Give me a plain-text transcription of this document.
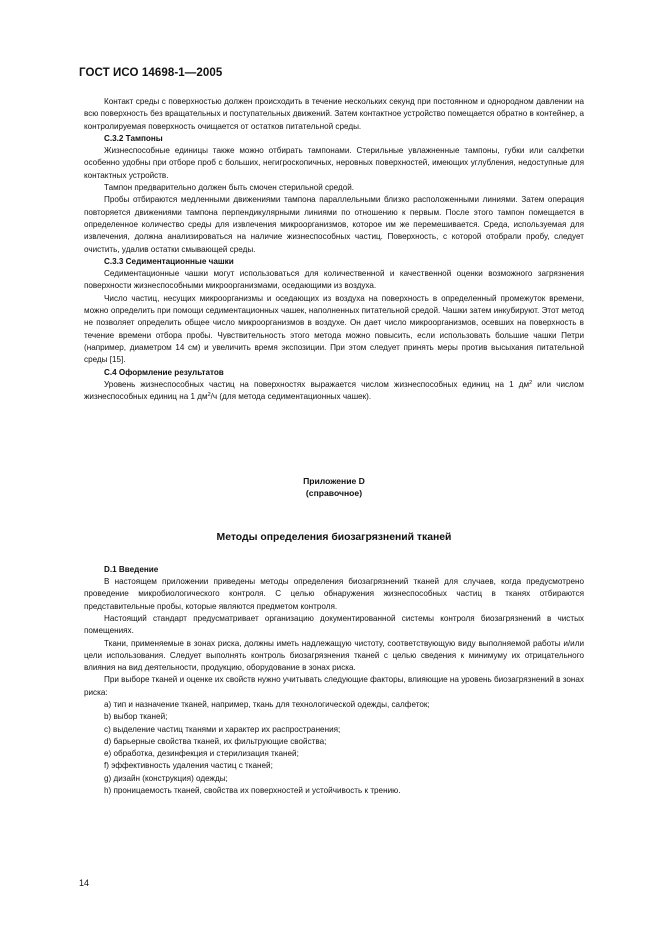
ГОСТ ИСО 14698-1—2005

Контакт среды с поверхностью должен происходить в течение нескольких секунд при постоянном и однородном давлении на всю поверхность без вращательных и поступательных движений. Затем контактное устройство помещается обратно в контейнер, а контролируемая поверхность очищается от остатков питательной среды.

С.3.2 Тампоны

Жизнеспособные единицы также можно отбирать тампонами. Стерильные увлажненные тампоны, губки или салфетки особенно удобны при отборе проб с больших, негигроскопичных, неровных поверхностей, имеющих углубления, недоступные для контактных устройств.

Тампон предварительно должен быть смочен стерильной средой.

Пробы отбираются медленными движениями тампона параллельными близко расположенными линиями. Затем операция повторяется движениями тампона перпендикулярными линиями по отношению к первым. После этого тампон помещается в определенное количество среды для извлечения микроорганизмов, которое им же перемешивается. Среда, используемая для извлечения, должна анализироваться на наличие жизнеспособных частиц. Поверхность, с которой отобрали пробу, следует очистить, удалив остатки смывающей среды.

С.3.3 Седиментационные чашки

Седиментационные чашки могут использоваться для количественной и качественной оценки возможного загрязнения поверхности жизнеспособными микроорганизмами, оседающими из воздуха.

Число частиц, несущих микроорганизмы и оседающих из воздуха на поверхность в определенный промежуток времени, можно определить при помощи седиментационных чашек, наполненных питательной средой. Чашки затем инкубируют. Этот метод не позволяет определить общее число микроорганизмов в воздухе. Он дает число микроорганизмов, осевших на поверхность в течение времени отбора пробы. Чувствительность этого метода можно повысить, если использовать большие чашки Петри (например, диаметром 14 см) и увеличить время экспозиции. При этом следует принять меры против высыхания питательной среды [15].

С.4 Оформление результатов

Уровень жизнеспособных частиц на поверхностях выражается числом жизнеспособных единиц на 1 $дм^2$ или числом жизнеспособных единиц на 1 $дм^2/ч$ (для метода седиментационных чашек).

Приложение D

(справочное)

Методы определения биозагрязнений тканей

D.1 Введение

В настоящем приложении приведены методы определения биозагрязнений тканей для случаев, когда предусмотрено проведение микробиологического контроля. С целью обнаружения жизнеспособных частиц в тканях отбираются представительные пробы, которые являются предметом контроля.

Настоящий стандарт предусматривает организацию документированной системы контроля биозагрязнений в чистых помещениях.

Ткани, применяемые в зонах риска, должны иметь надлежащую чистоту, соответствующую виду выполняемой работы и/или цели использования. Следует выполнять контроль биозагрязнения тканей с целью сведения к минимуму их отрицательного влияния на вид деятельности, продукцию, оборудование в зонах риска.

При выборе тканей и оценке их свойств нужно учитывать следующие факторы, влияющие на уровень биозагрязнений в зонах риска:

а) тип и назначение тканей, например, ткань для технологической одежды, салфеток;

b) выбор тканей;

c) выделение частиц тканями и характер их распространения;

d) барьерные свойства тканей, их фильтрующие свойства;

e) обработка, дезинфекция и стерилизация тканей;

f) эффективность удаления частиц с тканей;

g) дизайн (конструкция) одежды;

h) проницаемость тканей, свойства их поверхностей и устойчивость к трению.

14
